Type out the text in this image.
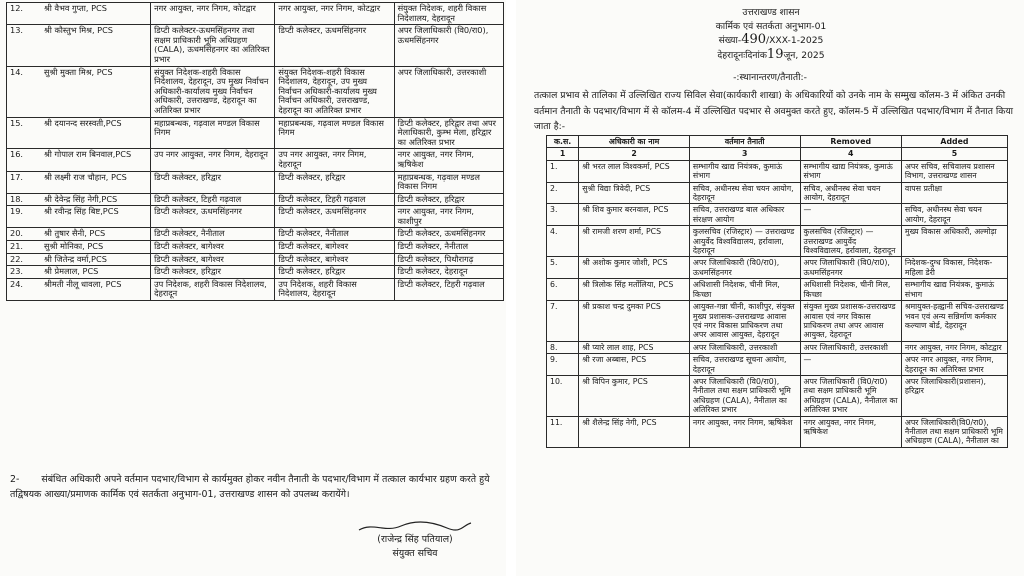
12. श्री वैभव गुप्ता, PCS	नगर आयुक्त, नगर निगम, कोटद्वार	नगर आयुक्त, नगर निगम, कोटद्वार	संयुक्त निदेशक, शहरी विकास निदेशालय, देहरादून
13. श्री कौस्तुभ मिश्र, PCS	डिप्टी कलेक्टर-ऊधमसिंहनगर तथा सक्षम प्राधिकारी भूमि अधिग्रहण (CALA), ऊधमसिंहनगर का अतिरिक्त प्रभार	डिप्टी कलेक्टर, ऊधमसिंहनगर	अपर जिलाधिकारी (वि0/रा0), ऊधमसिंहनगर
14. सुश्री मुक्ता मिश्र, PCS	संयुक्त निदेशक-शहरी विकास निदेशालय, देहरादून, उप मुख्य निर्वाचन अधिकारी-कार्यालय मुख्य निर्वाचन अधिकारी, उत्तराखण्ड, देहरादून का अतिरिक्त प्रभार	संयुक्त निदेशक-शहरी विकास निदेशालय, देहरादून, उप मुख्य निर्वाचन अधिकारी-कार्यालय मुख्य निर्वाचन अधिकारी, उत्तराखण्ड, देहरादून का अतिरिक्त प्रभार	अपर जिलाधिकारी, उत्तरकाशी
15. श्री दयानन्द सरस्वती,PCS	महाप्रबन्धक, गढ़वाल मण्डल विकास निगम	महाप्रबन्धक, गढ़वाल मण्डल विकास निगम	डिप्टी कलेक्टर, हरिद्वार तथा अपर मेलाधिकारी, कुम्भ मेला, हरिद्वार का अतिरिक्त प्रभार
16. श्री गोपाल राम बिनवाल,PCS	उप नगर आयुक्त, नगर निगम, देहरादून	उप नगर आयुक्त, नगर निगम, देहरादून	नगर आयुक्त, नगर निगम, ऋषिकेश
17. श्री लक्ष्मी राज चौहान, PCS	डिप्टी कलेक्टर, हरिद्वार	डिप्टी कलेक्टर, हरिद्वार	महाप्रबन्धक, गढ़वाल मण्डल विकास निगम
18. श्री देवेन्द्र सिंह नेगी,PCS	डिप्टी कलेक्टर, टिहरी गढ़वाल	डिप्टी कलेक्टर, टिहरी गढ़वाल	डिप्टी कलेक्टर, हरिद्वार
19. श्री रवीन्द्र सिंह बिष्ट,PCS	डिप्टी कलेक्टर, ऊधमसिंहनगर	डिप्टी कलेक्टर, ऊधमसिंहनगर	नगर आयुक्त, नगर निगम, काशीपुर
20. श्री तुषार सैनी, PCS	डिप्टी कलेक्टर, नैनीताल	डिप्टी कलेक्टर, नैनीताल	डिप्टी कलेक्टर, ऊधमसिंहनगर
21. सुश्री मोनिका, PCS	डिप्टी कलेक्टर, बागेश्वर	डिप्टी कलेक्टर, बागेश्वर	डिप्टी कलेक्टर, नैनीताल
22. श्री जितेन्द्र वर्मा,PCS	डिप्टी कलेक्टर, बागेश्वर	डिप्टी कलेक्टर, बागेश्वर	डिप्टी कलेक्टर, पिथौरागढ़
23. श्री प्रेमलाल, PCS	डिप्टी कलेक्टर, हरिद्वार	डिप्टी कलेक्टर, हरिद्वार	डिप्टी कलेक्टर, देहरादून
24. श्रीमती नीलू धावला, PCS	उप निदेशक, शहरी विकास निदेशालय, देहरादून	उप निदेशक, शहरी विकास निदेशालय, देहरादून	डिप्टी कलेक्टर, टिहरी गढ़वाल
2- संबंधित अधिकारी अपने वर्तमान पदभार/विभाग से कार्यमुक्त होकर नवीन तैनाती के पदभार/विभाग में तत्काल कार्यभार ग्रहण करते हुये तद्विषयक आख्या/प्रमाणक कार्मिक एवं सतर्कता अनुभाग-01, उत्तराखण्ड शासन को उपलब्ध करायेंगे।
(राजेन्द्र सिंह पतियाल)
संयुक्त सचिव
उत्तराखण्ड शासन
कार्मिक एवं सतर्कता अनुभाग-01
संख्या-490/XXX-1-2025
देहरादूनःदिनांक19जून, 2025
-:स्थानान्तरण/तैनाती:-
तत्काल प्रभाव से तालिका में उल्लिखित राज्य सिविल सेवा(कार्यकारी शाखा) के अधिकारियों को उनके नाम के सम्मुख कॉलम-3 में अंकित उनकी वर्तमान तैनाती के पदभार/विभाग में से कॉलम-4 में उल्लिखित पदभार से अवमुक्त करते हुए, कॉलम-5 में उल्लिखित पदभार/विभाग में तैनात किया जाता है:-
क.स.	अधिकारी का नाम	वर्तमान तैनाती	Removed	Added
1	2	3	4	5
1.	श्री भरत लाल विश्वकर्मा, PCS	सम्भागीय खाद्य नियंत्रक, कुमाऊं संभाग	सम्भागीय खाद्य नियंत्रक, कुमाऊं संभाग	अपर सचिव, सचिवालय प्रशासन विभाग, उत्तराखण्ड शासन
2.	सुश्री विद्या त्रिवेदी, PCS	सचिव, अधीनस्थ सेवा चयन आयोग, देहरादून	सचिव, अधीनस्थ सेवा चयन आयोग, देहरादून	वापस प्रतीक्षा
3.	श्री शिव कुमार बरनवाल, PCS	सचिव, उत्तराखण्ड बाल अधिकार संरक्षण आयोग	—	सचिव, अधीनस्थ सेवा चयन आयोग, देहरादून
4.	श्री रामजी शरण शर्मा, PCS	कुलसचिव (रजिस्ट्रार) — उत्तराखण्ड आयुर्वेद विश्वविद्यालय, हर्रावाला, देहरादून	कुलसचिव (रजिस्ट्रार) — उत्तराखण्ड आयुर्वेद विश्वविद्यालय, हर्रावाला, देहरादून	मुख्य विकास अधिकारी, अल्मोड़ा
5.	श्री अशोक कुमार जोशी, PCS	अपर जिलाधिकारी (वि0/रा0), ऊधमसिंहनगर	अपर जिलाधिकारी (वि0/रा0), ऊधमसिंहनगर	निदेशक-दुग्ध विकास, निदेशक-महिला डेरी
6.	श्री त्रिलोक सिंह मर्तोलिया, PCS	अधिशासी निदेशक, चीनी मिल, किच्छा	अधिशासी निदेशक, चीनी मिल, किच्छा	सम्भागीय खाद्य नियंत्रक, कुमाऊं संभाग
7.	श्री प्रकाश चन्द्र दुमका PCS	आयुक्त-गन्ना चीनी, काशीपुर, संयुक्त मुख्य प्रशासक-उत्तराखण्ड आवास एवं नगर विकास प्राधिकरण तथा अपर आवास आयुक्त, देहरादून	संयुक्त मुख्य प्रशासक-उत्तराखण्ड आवास एवं नगर विकास प्राधिकरण तथा अपर आवास आयुक्त, देहरादून	श्रमायुक्त-हल्द्वानी सचिव-उत्तराखण्ड भवन एवं अन्य सन्निर्माण कर्मकार कल्याण बोर्ड, देहरादून
8.	श्री प्यारे लाल शाह, PCS	अपर जिलाधिकारी, उत्तरकाशी	अपर जिलाधिकारी, उत्तरकाशी	नगर आयुक्त, नगर निगम, कोटद्वार
9.	श्री रजा अब्बास, PCS	सचिव, उत्तराखण्ड सूचना आयोग, देहरादून	—	अपर नगर आयुक्त, नगर निगम, देहरादून का अतिरिक्त प्रभार
10.	श्री विपिन कुमार, PCS	अपर जिलाधिकारी (वि0/रा0), नैनीताल तथा सक्षम प्राधिकारी भूमि अधिग्रहण (CALA), नैनीताल का अतिरिक्त प्रभार	अपर जिलाधिकारी (वि0/रा0) तथा सक्षम प्राधिकारी भूमि अधिग्रहण (CALA), नैनीताल का अतिरिक्त प्रभार	अपर जिलाधिकारी(प्रशासन), हरिद्वार
11.	श्री शैलेन्द्र सिंह नेगी, PCS	नगर आयुक्त, नगर निगम, ऋषिकेश	नगर आयुक्त, नगर निगम, ऋषिकेश	अपर जिलाधिकारी(वि0/रा0), नैनीताल तथा सक्षम प्राधिकारी भूमि अधिग्रहण (CALA), नैनीताल का
